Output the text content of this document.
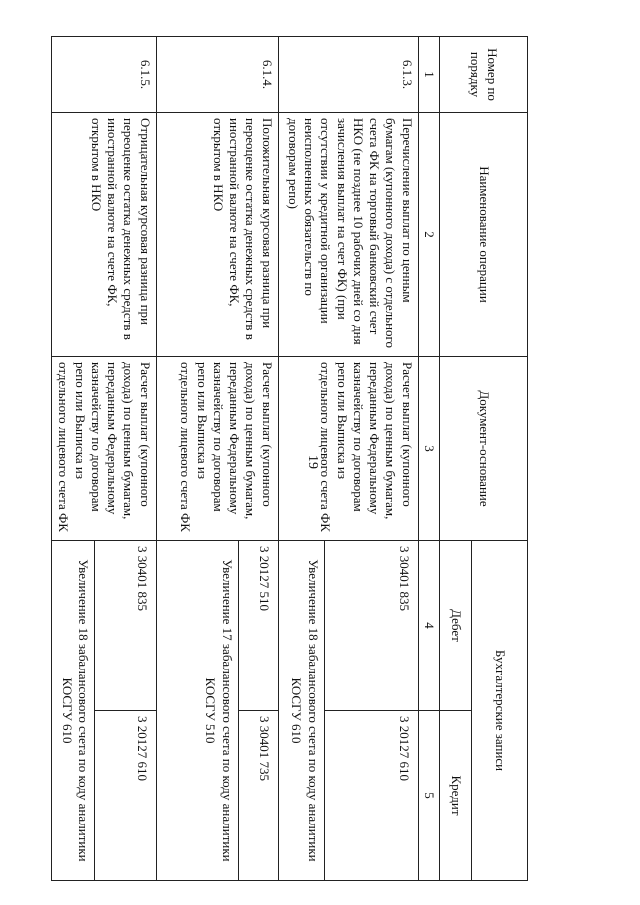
19
Номер по порядку	Наименование операции	Документ-основание	Бухгалтерские записи	
			Дебет	Кредит
1	2	3	4	5
6.1.3.	Перечисление выплат по ценным бумагам (купонного дохода) с отдельного счета ФК на торговый банковский счет НКО (не позднее 10 рабочих дней со дня зачисления выплат на счет ФК) (при отсутствии у кредитной организации неисполненных обязательств по договорам репо)	Расчет выплат (купонного дохода) по ценным бумагам, переданным Федеральному казначейству по договорам репо или Выписка из отдельного лицевого счета ФК	3 30401 835	3 20127 610
			Увеличение 18 забалансового счета по коду аналитики КОСГУ 610	
6.1.4.	Положительная курсовая разница при переоценке остатка денежных средств в иностранной валюте на счете ФК, открытом в НКО	Расчет выплат (купонного дохода) по ценным бумагам, переданным Федеральному казначейству по договорам репо или Выписка из отдельного лицевого счета ФК	3 20127 510	3 30401 735
			Увеличение 17 забалансового счета по коду аналитики КОСГУ 510	
6.1.5.	Отрицательная курсовая разница при переоценке остатка денежных средств в иностранной валюте на счете ФК, открытом в НКО	Расчет выплат (купонного дохода) по ценным бумагам, переданным Федеральному казначейству по договорам репо или Выписка из отдельного лицевого счета ФК	3 30401 835	3 20127 610
			Увеличение 18 забалансового счета по коду аналитики КОСГУ 610	
